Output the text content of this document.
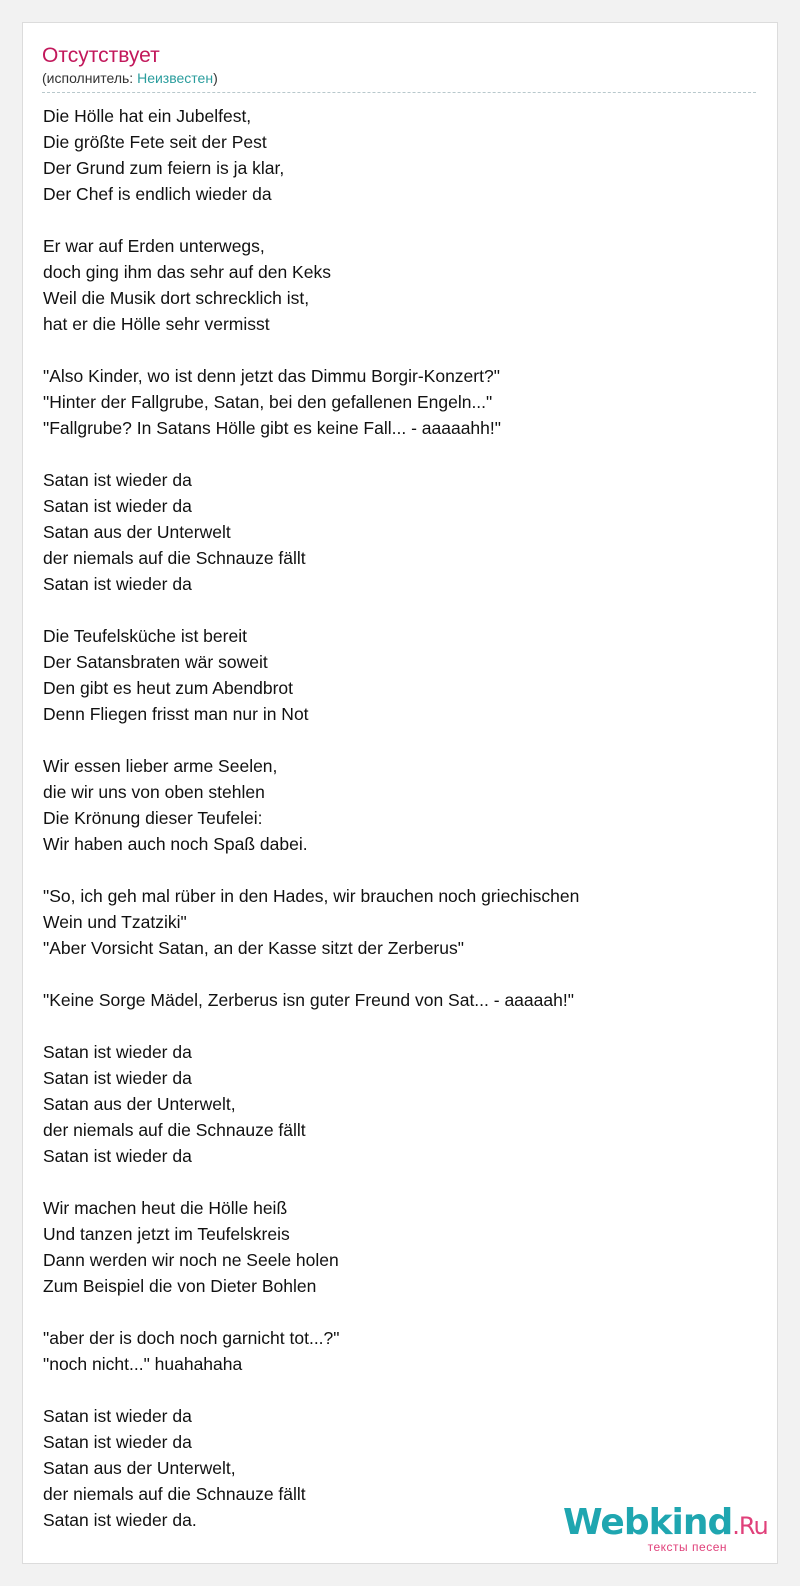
Отсутствует
(исполнитель: Неизвестен)
Die Hölle hat ein Jubelfest,
Die größte Fete seit der Pest
Der Grund zum feiern is ja klar,
Der Chef is endlich wieder da
Er war auf Erden unterwegs,
doch ging ihm das sehr auf den Keks
Weil die Musik dort schrecklich ist,
hat er die Hölle sehr vermisst
"Also Kinder, wo ist denn jetzt das Dimmu Borgir-Konzert?"
"Hinter der Fallgrube, Satan, bei den gefallenen Engeln..."
"Fallgrube? In Satans Hölle gibt es keine Fall... - aaaaahh!"
Satan ist wieder da
Satan ist wieder da
Satan aus der Unterwelt
der niemals auf die Schnauze fällt
Satan ist wieder da
Die Teufelsküche ist bereit
Der Satansbraten wär soweit
Den gibt es heut zum Abendbrot
Denn Fliegen frisst man nur in Not
Wir essen lieber arme Seelen,
die wir uns von oben stehlen
Die Krönung dieser Teufelei:
Wir haben auch noch Spaß dabei.
"So, ich geh mal rüber in den Hades, wir brauchen noch griechischen
Wein und Tzatziki"
"Aber Vorsicht Satan, an der Kasse sitzt der Zerberus"
"Keine Sorge Mädel, Zerberus isn guter Freund von Sat... - aaaaah!"
Satan ist wieder da
Satan ist wieder da
Satan aus der Unterwelt,
der niemals auf die Schnauze fällt
Satan ist wieder da
Wir machen heut die Hölle heiß
Und tanzen jetzt im Teufelskreis
Dann werden wir noch ne Seele holen
Zum Beispiel die von Dieter Bohlen
"aber der is doch noch garnicht tot...?"
"noch nicht..." huahahaha
Satan ist wieder da
Satan ist wieder da
Satan aus der Unterwelt,
der niemals auf die Schnauze fällt
Satan ist wieder da.	Webkind.Ru
тексты песен
